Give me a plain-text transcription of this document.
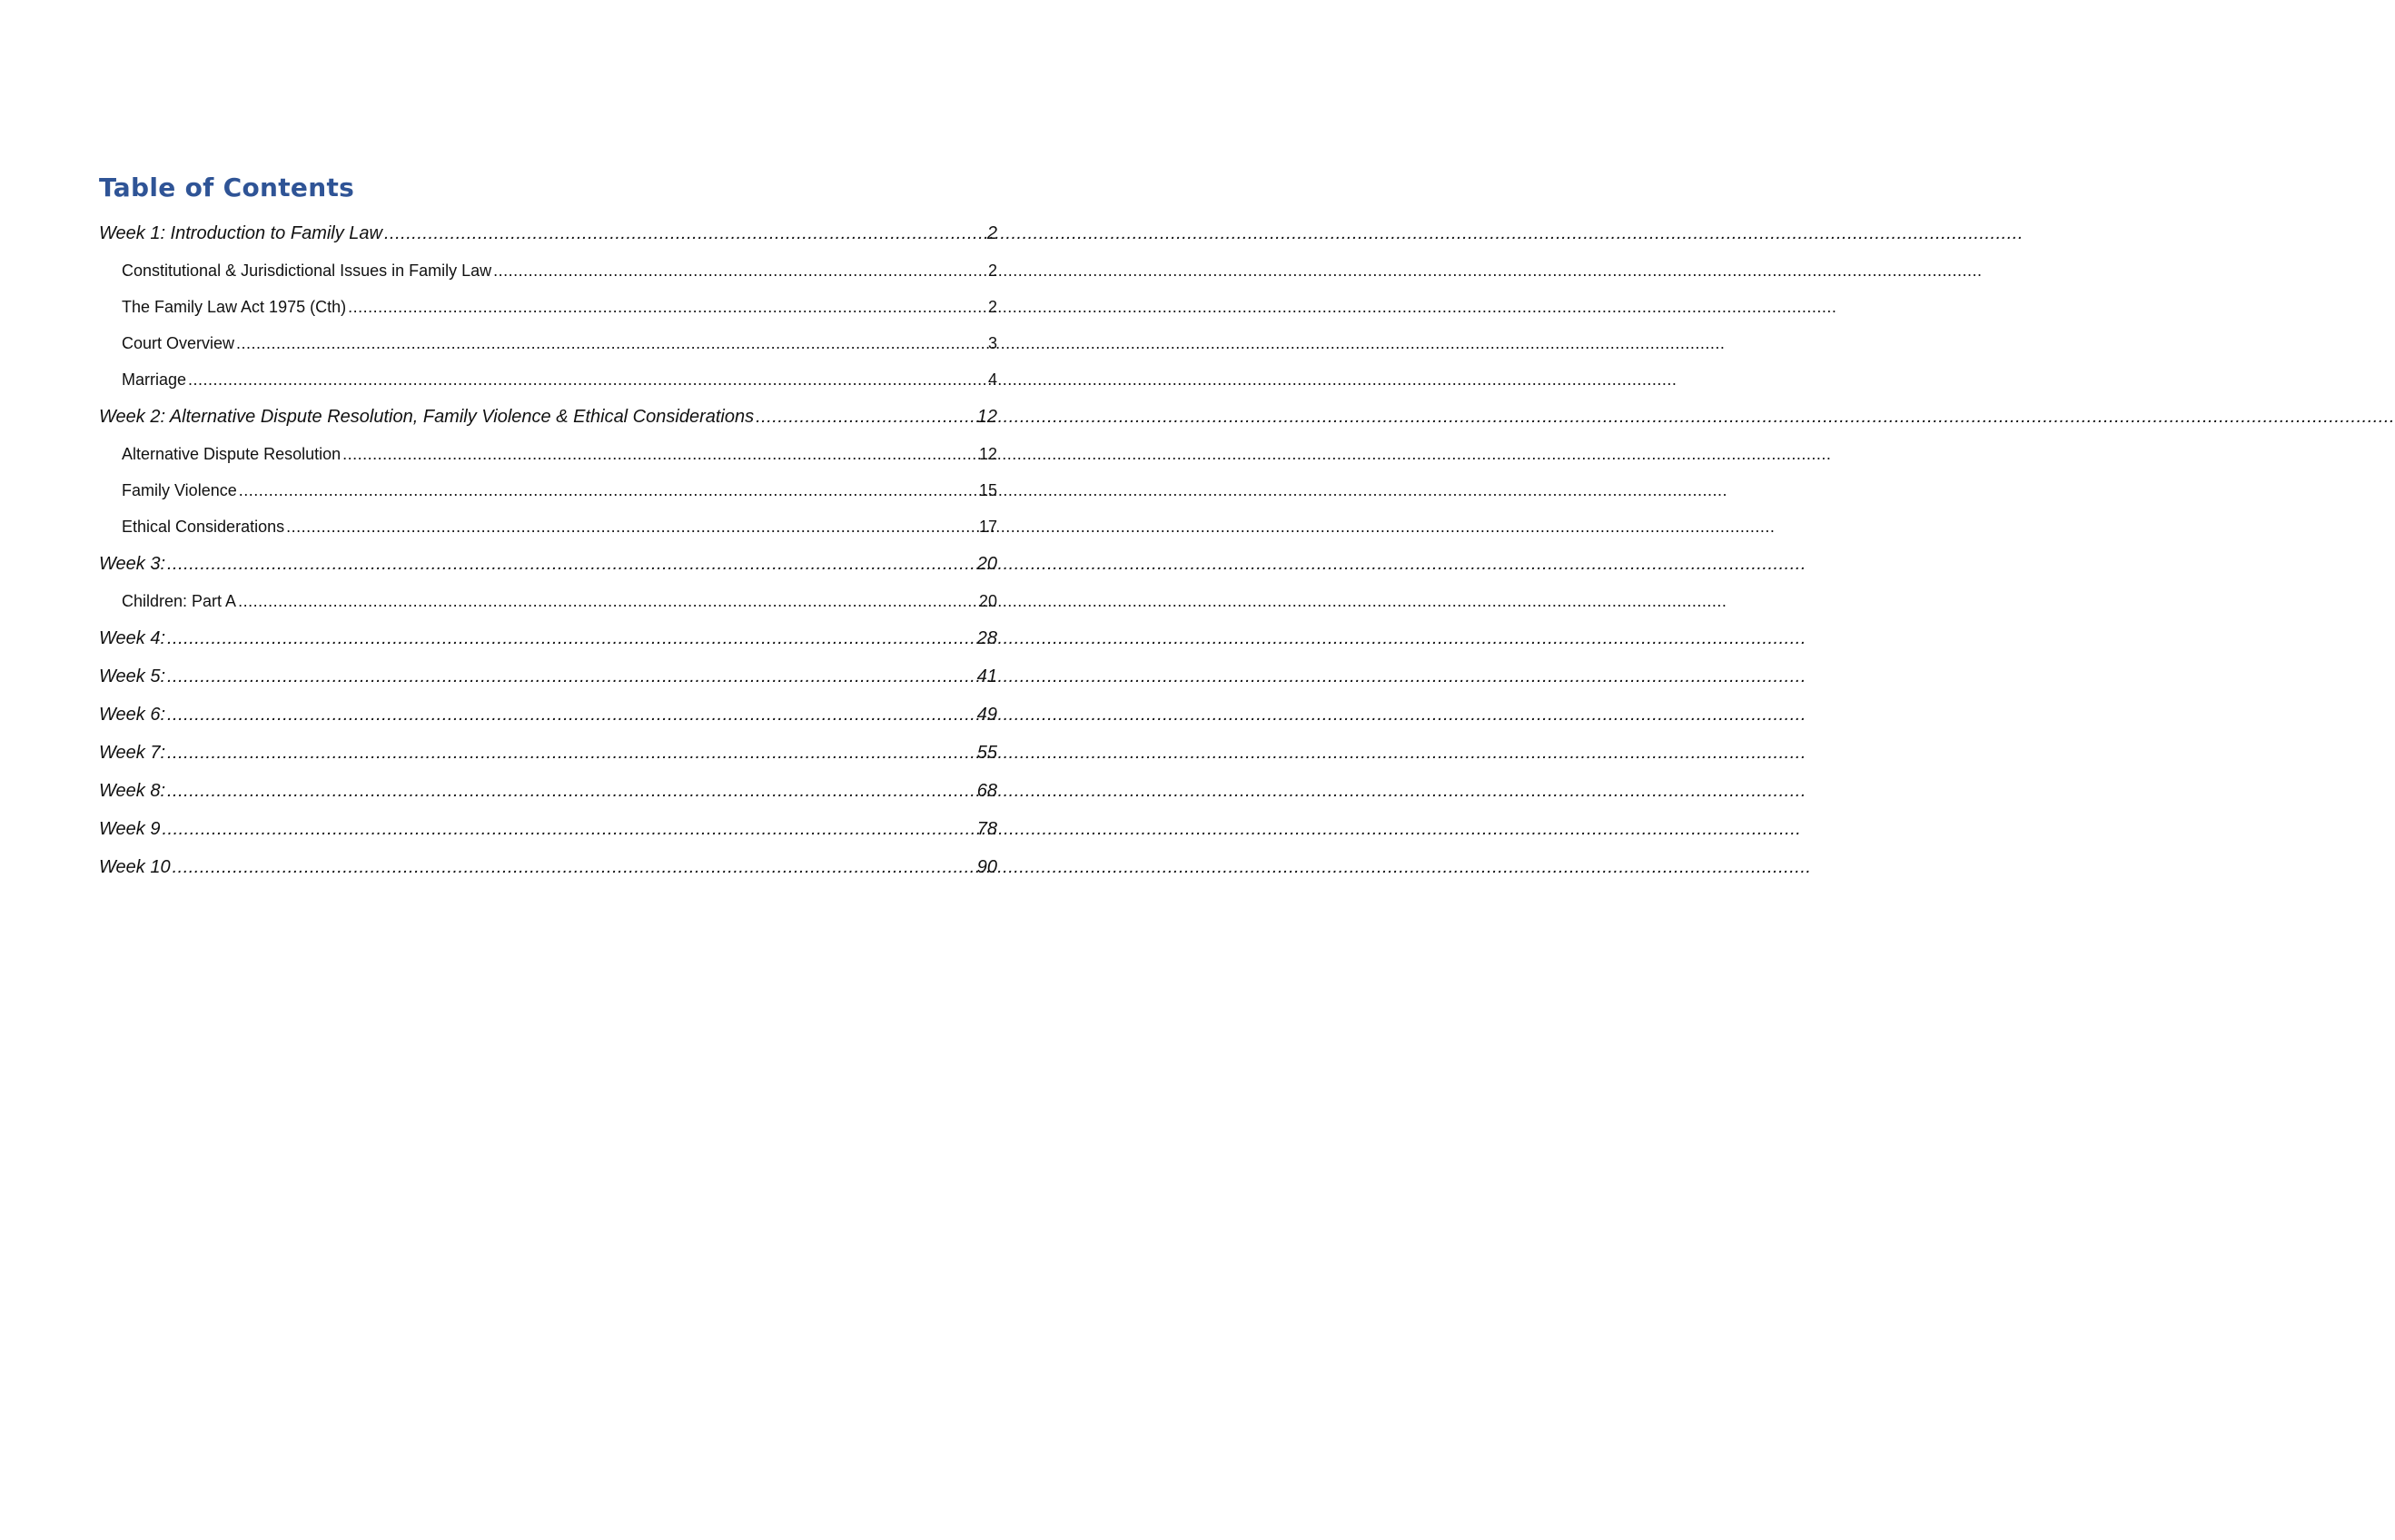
Table of Contents
Week 1: Introduction to Family Law .....	2
Constitutional & Jurisdictional Issues in Family Law .....	2
The Family Law Act 1975 (Cth) .....	2
Court Overview .....	3
Marriage .....	4
Week 2: Alternative Dispute Resolution, Family Violence & Ethical Considerations .....	12
Alternative Dispute Resolution .....	12
Family Violence .....	15
Ethical Considerations .....	17
Week 3: .....	20
Children: Part A .....	20
Week 4: .....	28
Week 5: .....	41
Week 6: .....	49
Week 7: .....	55
Week 8: .....	68
Week 9 .....	78
Week 10 .....	90
